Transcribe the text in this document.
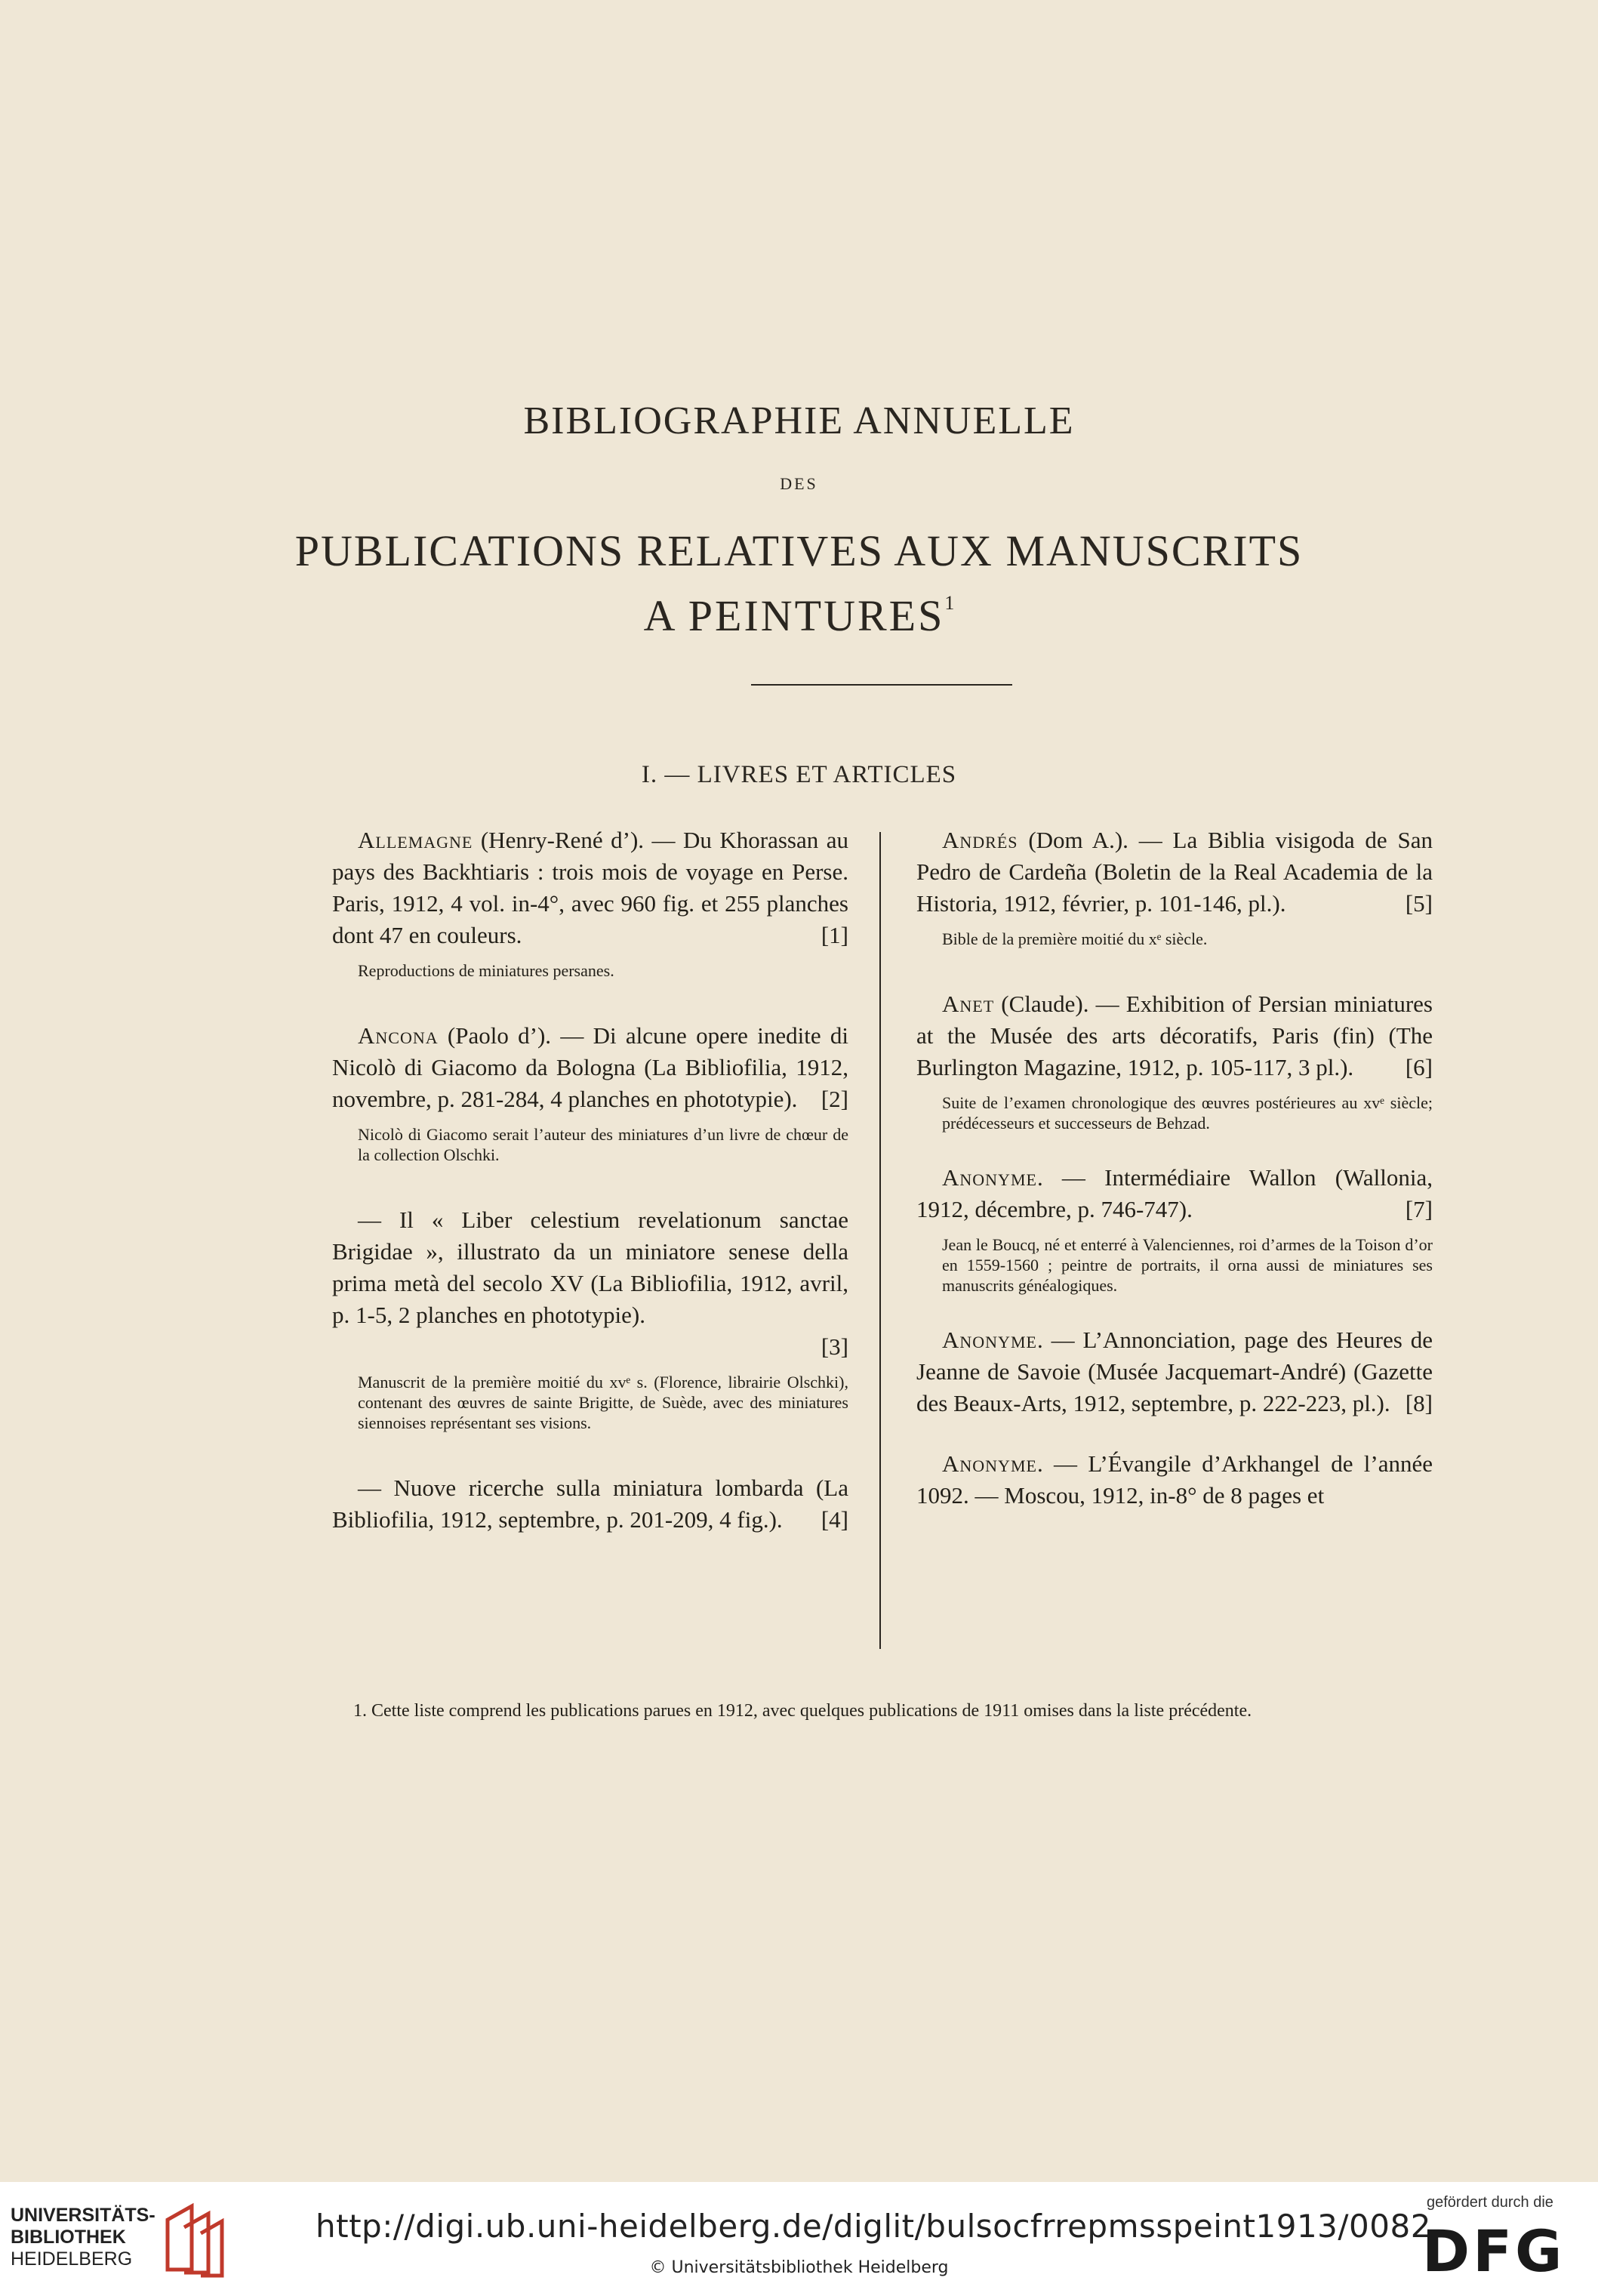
BIBLIOGRAPHIE ANNUELLE
DES
PUBLICATIONS RELATIVES AUX MANUSCRITS
A PEINTURES$^1$
I. — LIVRES ET ARTICLES
Allemagne (Henry-René d’). — Du Khorassan au pays des Backhtiaris : trois mois de voyage en Perse. Paris, 1912, 4 vol. in-4°, avec 960 fig. et 255 planches dont 47 en couleurs.	[1]
Reproductions de miniatures persanes.
Ancona (Paolo d’). — Di alcune opere inedite di Nicolò di Giacomo da Bologna (La Bibliofilia, 1912, novembre, p. 281-284, 4 planches en phototypie). [2]
Nicolò di Giacomo serait l’auteur des miniatures d’un livre de chœur de la collection Olschki.
— Il « Liber celestium revelationum sanctae Brigidae », illustrato da un miniatore senese della prima metà del secolo XV (La Bibliofilia, 1912, avril, p. 1-5, 2 planches en phototypie).
[3]
Manuscrit de la première moitié du xvᵉ s. (Florence, librairie Olschki), contenant des œuvres de sainte Brigitte, de Suède, avec des miniatures siennoises représentant ses visions.
— Nuove ricerche sulla miniatura lombarda (La Bibliofilia, 1912, septembre, p. 201-209, 4 fig.). [4]
Andrés (Dom A.). — La Biblia visigoda de San Pedro de Cardeña (Boletin de la Real Academia de la Historia, 1912, février, p. 101-146, pl.).	[5]
Bible de la première moitié du xᵉ siècle.
Anet (Claude). — Exhibition of Persian miniatures at the Musée des arts décoratifs, Paris (fin) (The Burlington Magazine, 1912, p. 105-117, 3 pl.). [6]
Suite de l’examen chronologique des œuvres postérieures au xvᵉ siècle; prédécesseurs et successeurs de Behzad.
Anonyme. — Intermédiaire Wallon (Wallonia, 1912, décembre, p. 746-747).	[7]
Jean le Boucq, né et enterré à Valenciennes, roi d’armes de la Toison d’or en 1559-1560 ; peintre de portraits, il orna aussi de miniatures ses manuscrits généalogiques.
Anonyme. — L’Annonciation, page des Heures de Jeanne de Savoie (Musée Jacquemart-André) (Gazette des Beaux-Arts, 1912, septembre, p. 222-223, pl.). [8]
Anonyme. — L’Évangile d’Arkhangel de l’année 1092. — Moscou, 1912, in-8° de 8 pages et
1. Cette liste comprend les publications parues en 1912, avec quelques publications de 1911 omises dans la liste précédente.
UNIVERSITÄTS-
BIBLIOTHEK
HEIDELBERG
http://digi.ub.uni-heidelberg.de/diglit/bulsocfrrepmsspeint1913/0082
© Universitätsbibliothek Heidelberg
gefördert durch die
DFG
